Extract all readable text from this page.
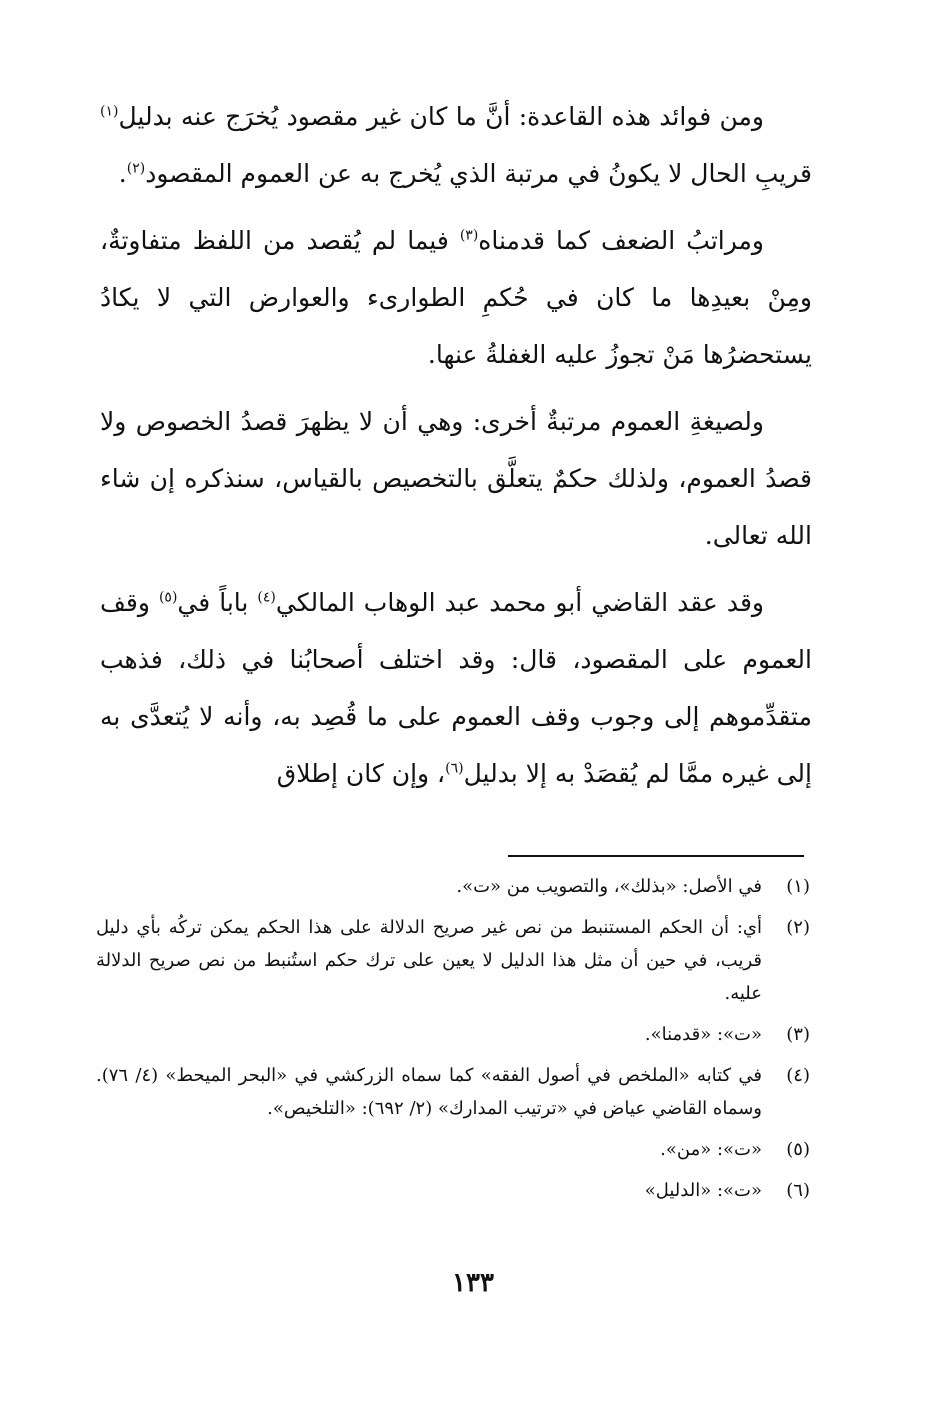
ومن فوائد هذه القاعدة: أنَّ ما كان غير مقصود يُخرَج عنه بدليل$^{(١)}$ قريبِ الحال لا يكونُ في مرتبة الذي يُخرج به عن العموم المقصود$^{(٢)}$.

ومراتبُ الضعف كما قدمناه$^{(٣)}$ فيما لم يُقصد من اللفظ متفاوتةٌ، ومِنْ بعيدِها ما كان في حُكمِ الطوارىء والعوارض التي لا يكادُ يستحضرُها مَنْ تجوزُ عليه الغفلةُ عنها.

ولصيغةِ العموم مرتبةٌ أخرى: وهي أن لا يظهرَ قصدُ الخصوص ولا قصدُ العموم، ولذلك حكمٌ يتعلَّق بالتخصيص بالقياس، سنذكره إن شاء الله تعالى.

وقد عقد القاضي أبو محمد عبد الوهاب المالكي$^{(٤)}$ باباً في$^{(٥)}$ وقف العموم على المقصود، قال: وقد اختلف أصحابُنا في ذلك، فذهب متقدِّموهم إلى وجوب وقف العموم على ما قُصِد به، وأنه لا يُتعدَّى به إلى غيره ممَّا لم يُقصَدْ به إلا بدليل$^{(٦)}$، وإن كان إطلاق

(١)
في الأصل: «بذلك»، والتصويب من «ت».
(٢)
أي: أن الحكم المستنبط من نص غير صريح الدلالة على هذا الحكم يمكن تركُه بأي دليل قريب، في حين أن مثل هذا الدليل لا يعين على ترك حكم استُنبط من نص صريح الدلالة عليه.
(٣)
«ت»: «قدمنا».
(٤)
في كتابه «الملخص في أصول الفقه» كما سماه الزركشي في «البحر الميحط» (٤/ ٧٦). وسماه القاضي عياض في «ترتيب المدارك» (٢/ ٦٩٢): «التلخيص».
(٥)
«ت»: «من».
(٦)
«ت»: «الدليل»
١٣٣
